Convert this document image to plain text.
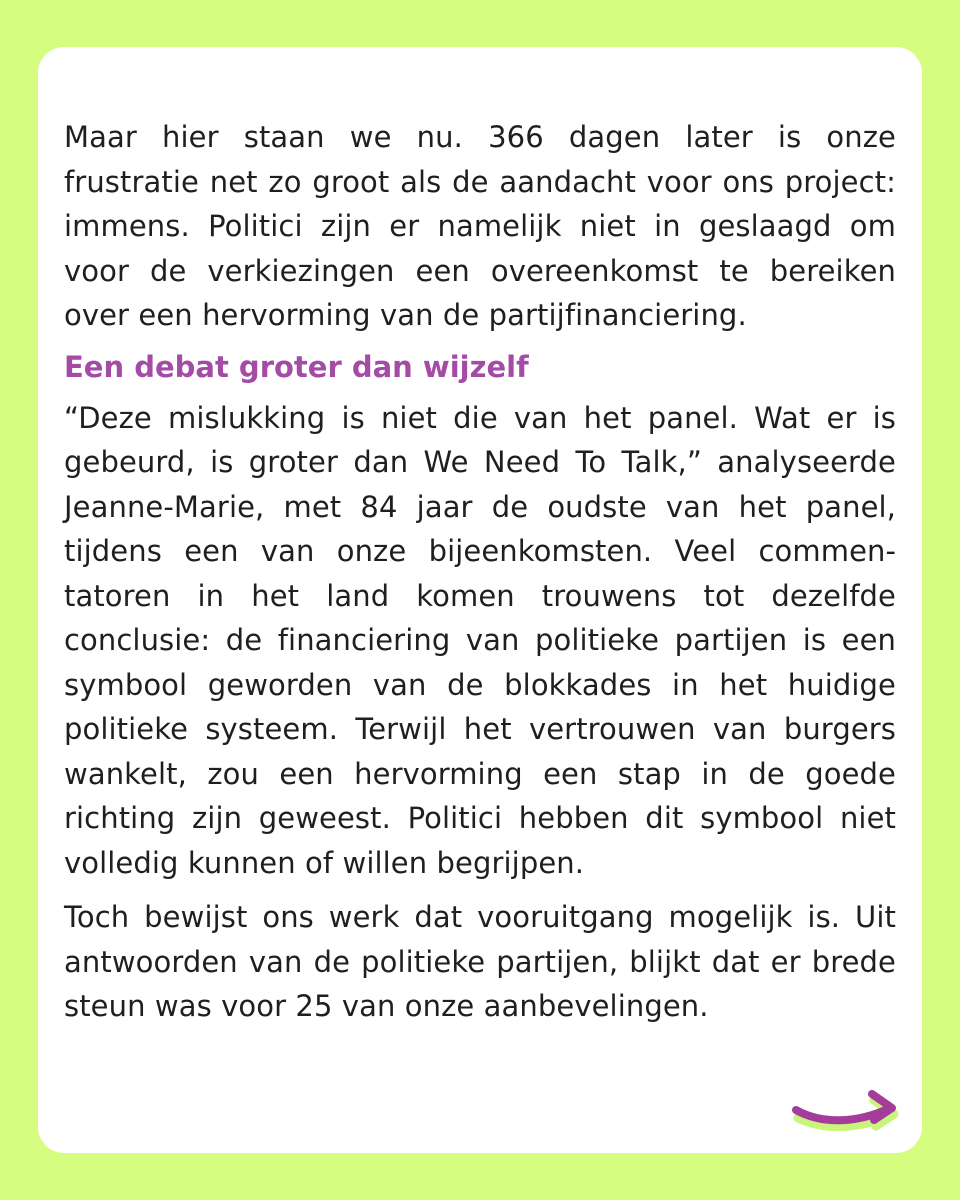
Maar hier staan we nu. 366 dagen later is onze frustratie net zo groot als de aandacht voor ons project: immens. Politici zijn er namelijk niet in geslaagd om voor de verkiezingen een overeenkomst te bereiken over een hervorming van de partijfinanciering.

Een debat groter dan wijzelf

“Deze mislukking is niet die van het panel. Wat er is gebeurd, is groter dan We Need To Talk,” analyseerde Jeanne-Marie, met 84 jaar de oudste van het panel, tijdens een van onze bijeenkomsten. Veel commentatoren in het land komen trouwens tot dezelfde conclusie: de financiering van politieke partijen is een symbool geworden van de blokkades in het huidige politieke systeem. Terwijl het vertrouwen van burgers wankelt, zou een hervorming een stap in de goede richting zijn geweest. Politici hebben dit symbool niet volledig kunnen of willen begrijpen.

Toch bewijst ons werk dat vooruitgang mogelijk is. Uit antwoorden van de politieke partijen, blijkt dat er brede steun was voor 25 van onze aanbevelingen.
